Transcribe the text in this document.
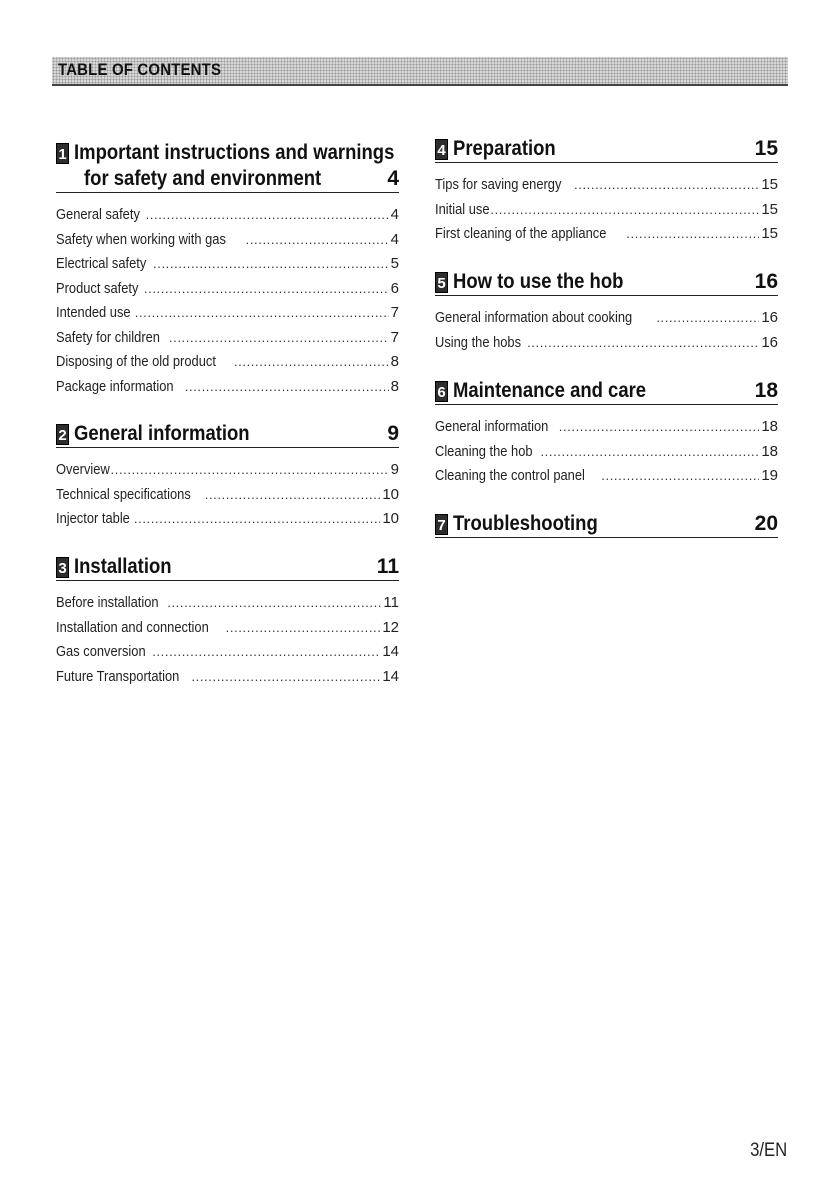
TABLE OF CONTENTS
1 Important instructions and warnings
for safety and environment	4
General safety .....	4
Safety when working with gas .....	4
Electrical safety .....	5
Product safety .....	6
Intended use .....	7
Safety for children .....	7
Disposing of the old product .....	8
Package information .....	8
2 General information	9
Overview .....	9
Technical specifications .....	10
Injector table .....	10
3 Installation	11
Before installation .....	11
Installation and connection .....	12
Gas conversion .....	14
Future Transportation .....	14
4 Preparation	15
Tips for saving energy .....	15
Initial use .....	15
First cleaning of the appliance .....	15
5 How to use the hob	16
General information about cooking .....	16
Using the hobs .....	16
6 Maintenance and care	18
General information .....	18
Cleaning the hob .....	18
Cleaning the control panel .....	19
7 Troubleshooting	20
3/EN
